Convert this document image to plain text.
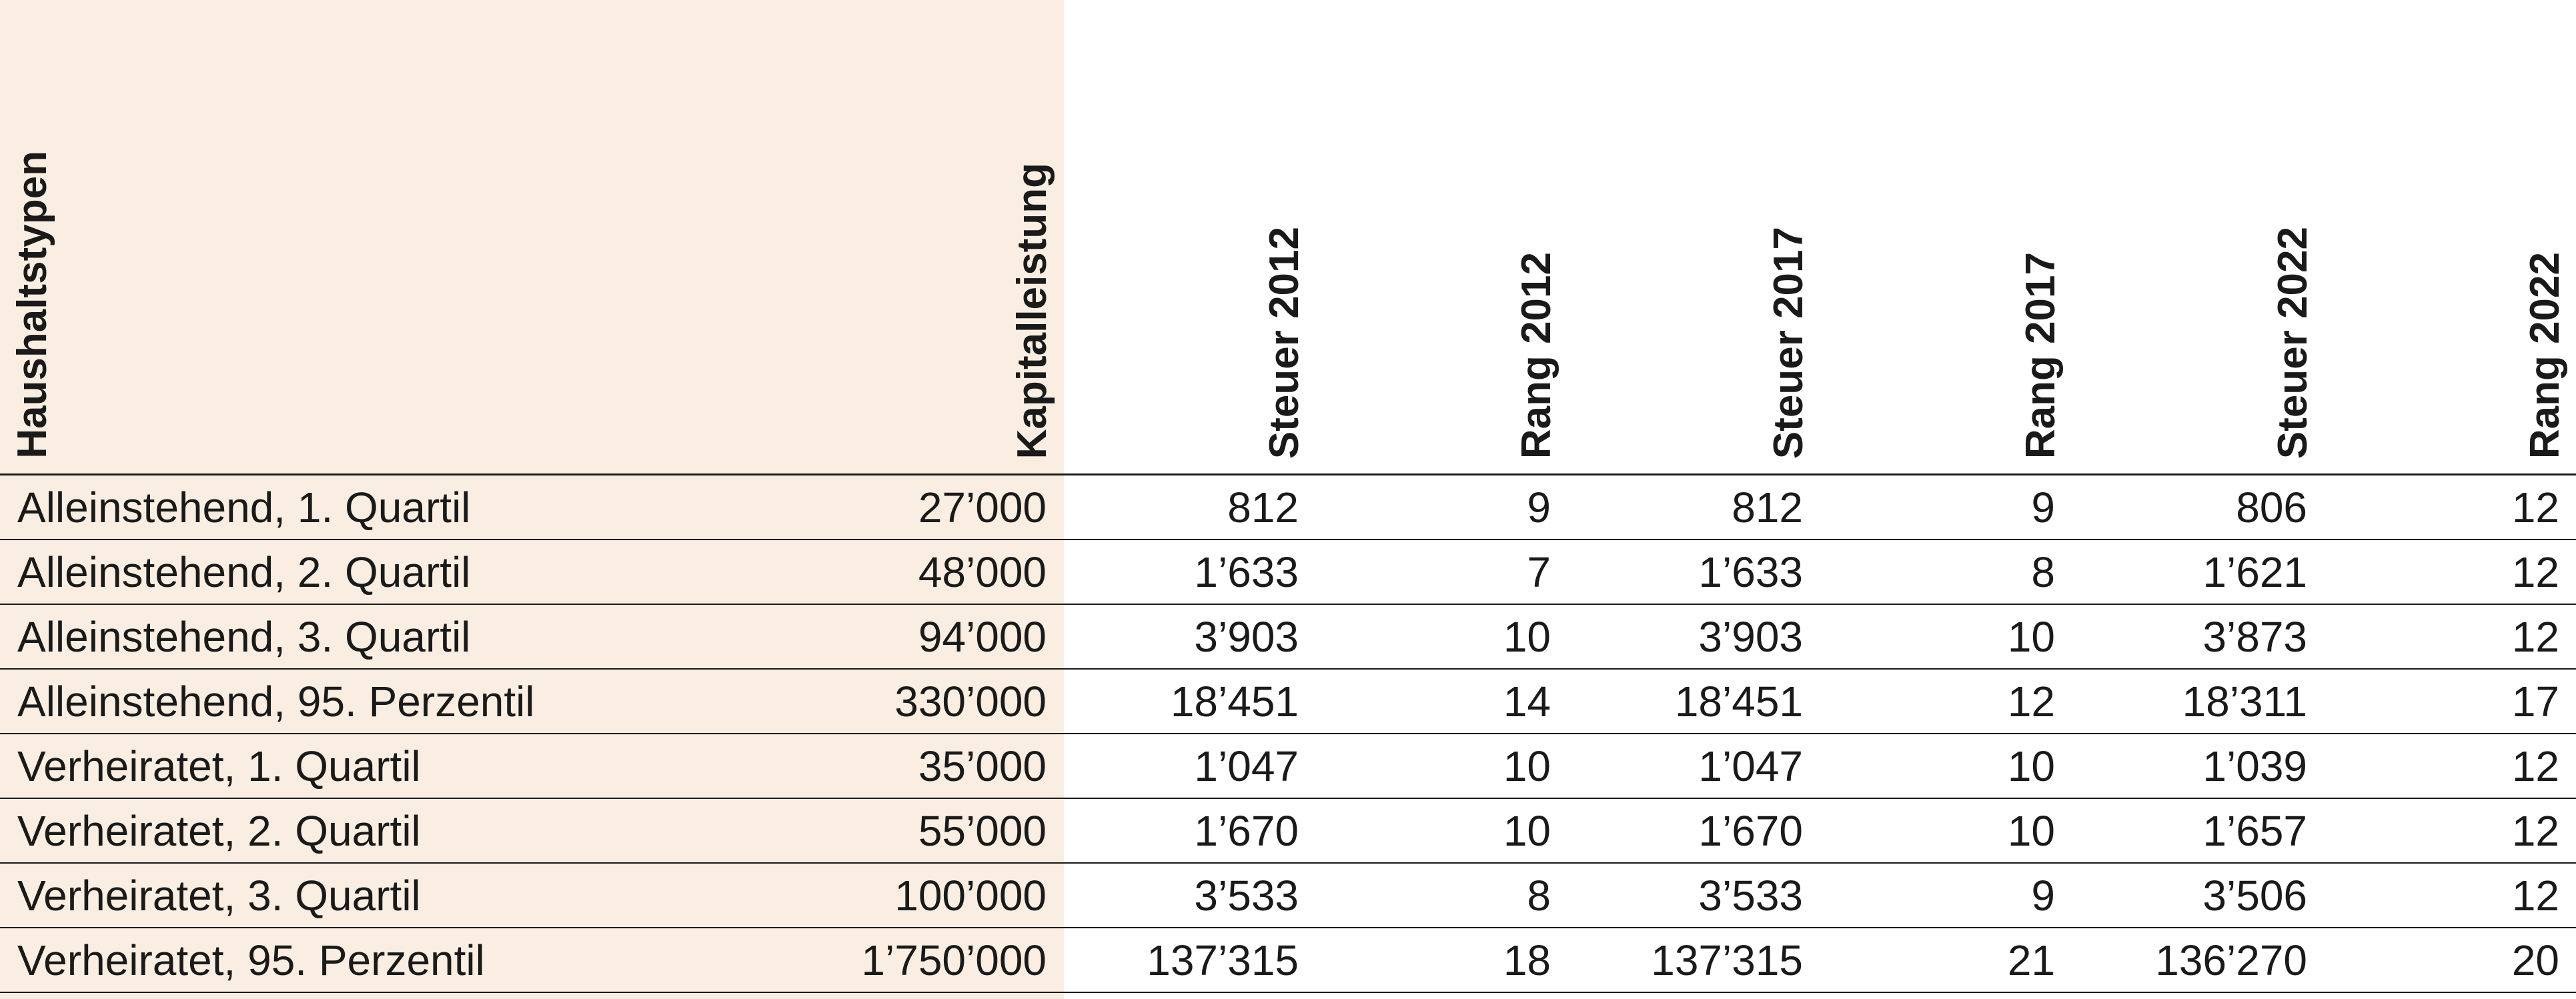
Haushaltstypen	Kapitalleistung	Steuer 2012	Rang 2012	Steuer 2017	Rang 2017	Steuer 2022	Rang 2022

Alleinstehend, 1. Quartil	27’000	812	9	812	9	806	12
Alleinstehend, 2. Quartil	48’000	1’633	7	1’633	8	1’621	12
Alleinstehend, 3. Quartil	94’000	3’903	10	3’903	10	3’873	12
Alleinstehend, 95. Perzentil	330’000	18’451	14	18’451	12	18’311	17
Verheiratet, 1. Quartil	35’000	1’047	10	1’047	10	1’039	12
Verheiratet, 2. Quartil	55’000	1’670	10	1’670	10	1’657	12
Verheiratet, 3. Quartil	100’000	3’533	8	3’533	9	3’506	12
Verheiratet, 95. Perzentil	1’750’000	137’315	18	137’315	21	136’270	20
